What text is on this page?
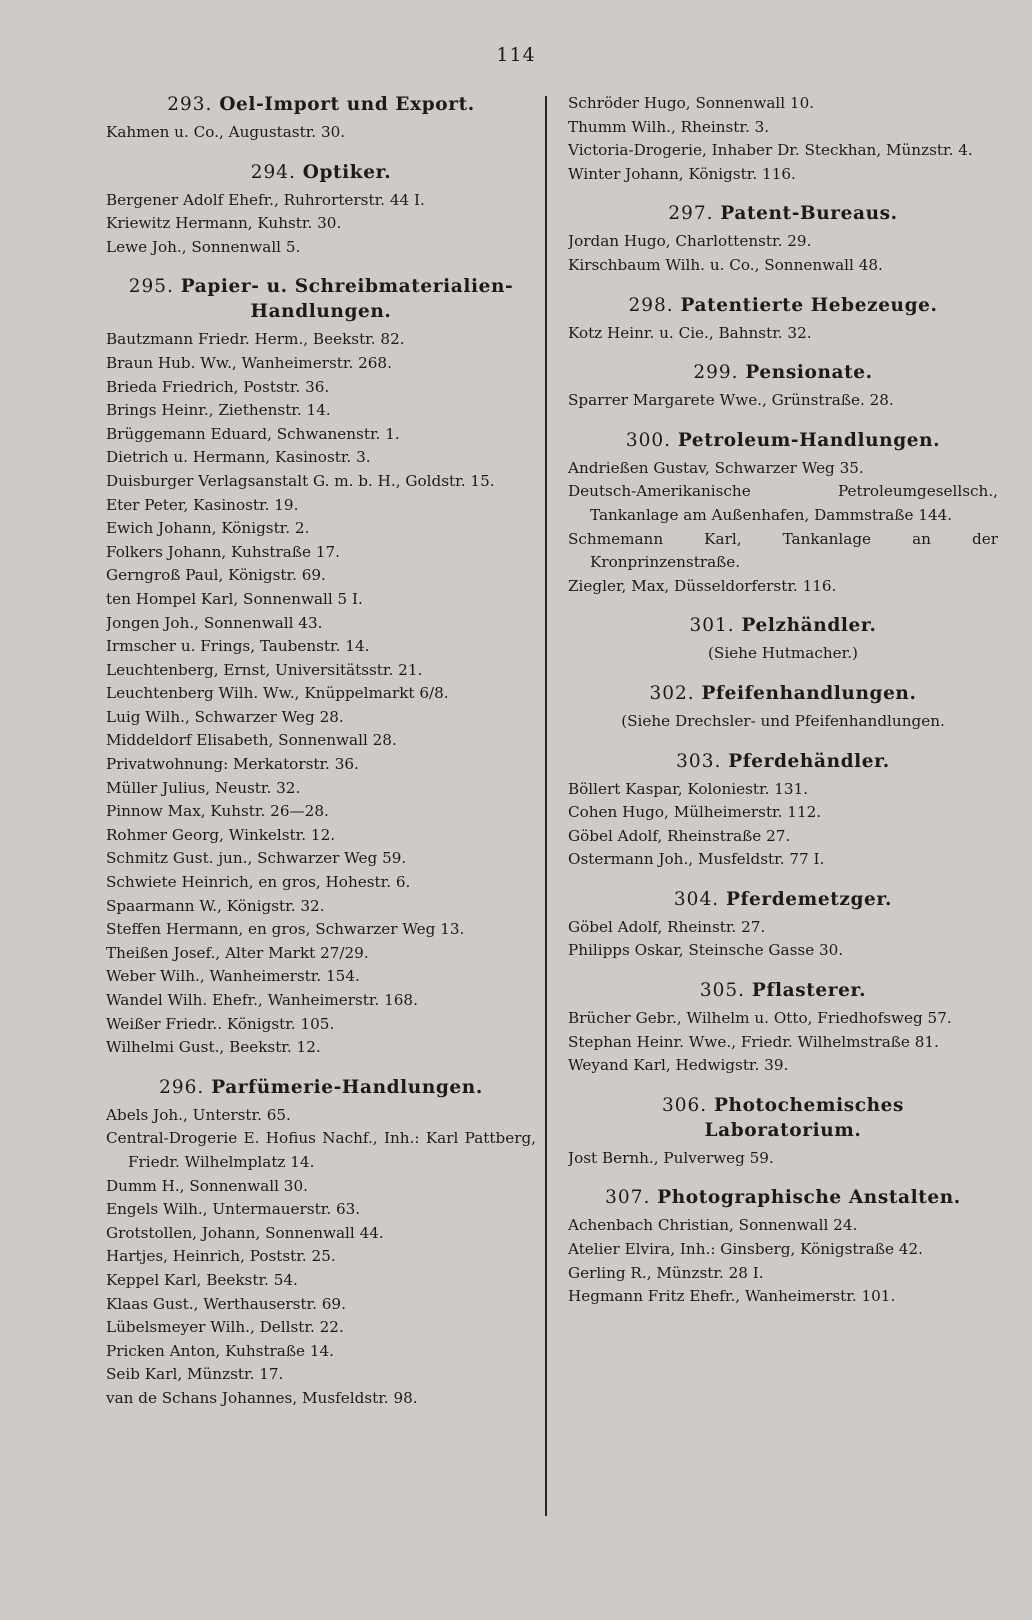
114
293. Oel-Import und Export.
Kahmen u. Co., Augustastr. 30.
294. Optiker.
Bergener Adolf Ehefr., Ruhrorterstr. 44 I.
Kriewitz Hermann, Kuhstr. 30.
Lewe Joh., Sonnenwall 5.
295. Papier- u. Schreibmaterialien-
Handlungen.
Bautzmann Friedr. Herm., Beekstr. 82.
Braun Hub. Ww., Wanheimerstr. 268.
Brieda Friedrich, Poststr. 36.
Brings Heinr., Ziethenstr. 14.
Brüggemann Eduard, Schwanenstr. 1.
Dietrich u. Hermann, Kasinostr. 3.
Duisburger Verlagsanstalt G. m. b. H., Goldstr. 15.
Eter Peter, Kasinostr. 19.
Ewich Johann, Königstr. 2.
Folkers Johann, Kuhstraße 17.
Gerngroß Paul, Königstr. 69.
ten Hompel Karl, Sonnenwall 5 I.
Jongen Joh., Sonnenwall 43.
Irmscher u. Frings, Taubenstr. 14.
Leuchtenberg, Ernst, Universitätsstr. 21.
Leuchtenberg Wilh. Ww., Knüppelmarkt 6/8.
Luig Wilh., Schwarzer Weg 28.
Middeldorf Elisabeth, Sonnenwall 28.
Privatwohnung: Merkatorstr. 36.
Müller Julius, Neustr. 32.
Pinnow Max, Kuhstr. 26—28.
Rohmer Georg, Winkelstr. 12.
Schmitz Gust. jun., Schwarzer Weg 59.
Schwiete Heinrich, en gros, Hohestr. 6.
Spaarmann W., Königstr. 32.
Steffen Hermann, en gros, Schwarzer Weg 13.
Theißen Josef., Alter Markt 27/29.
Weber Wilh., Wanheimerstr. 154.
Wandel Wilh. Ehefr., Wanheimerstr. 168.
Weißer Friedr.. Königstr. 105.
Wilhelmi Gust., Beekstr. 12.
296. Parfümerie-Handlungen.
Abels Joh., Unterstr. 65.
Central-Drogerie E. Hofius Nachf., Inh.: Karl Pattberg, Friedr. Wilhelmplatz 14.
Dumm H., Sonnenwall 30.
Engels Wilh., Untermauerstr. 63.
Grotstollen, Johann, Sonnenwall 44.
Hartjes, Heinrich, Poststr. 25.
Keppel Karl, Beekstr. 54.
Klaas Gust., Werthauserstr. 69.
Lübelsmeyer Wilh., Dellstr. 22.
Pricken Anton, Kuhstraße 14.
Seib Karl, Münzstr. 17.
van de Schans Johannes, Musfeldstr. 98.
Schröder Hugo, Sonnenwall 10.
Thumm Wilh., Rheinstr. 3.
Victoria-Drogerie, Inhaber Dr. Steckhan, Münzstr. 4.
Winter Johann, Königstr. 116.
297. Patent-Bureaus.
Jordan Hugo, Charlottenstr. 29.
Kirschbaum Wilh. u. Co., Sonnenwall 48.
298. Patentierte Hebezeuge.
Kotz Heinr. u. Cie., Bahnstr. 32.
299. Pensionate.
Sparrer Margarete Wwe., Grünstraße. 28.
300. Petroleum-Handlungen.
Andrießen Gustav, Schwarzer Weg 35.
Deutsch-Amerikanische Petroleumgesellsch., Tankanlage am Außenhafen, Dammstraße 144.
Schmemann Karl, Tankanlage an der Kronprinzenstraße.
Ziegler, Max, Düsseldorferstr. 116.
301. Pelzhändler.
(Siehe Hutmacher.)
302. Pfeifenhandlungen.
(Siehe Drechsler- und Pfeifenhandlungen.
303. Pferdehändler.
Böllert Kaspar, Koloniestr. 131.
Cohen Hugo, Mülheimerstr. 112.
Göbel Adolf, Rheinstraße 27.
Ostermann Joh., Musfeldstr. 77 I.
304. Pferdemetzger.
Göbel Adolf, Rheinstr. 27.
Philipps Oskar, Steinsche Gasse 30.
305. Pflasterer.
Brücher Gebr., Wilhelm u. Otto, Friedhofsweg 57.
Stephan Heinr. Wwe., Friedr. Wilhelmstraße 81.
Weyand Karl, Hedwigstr. 39.
306. Photochemisches
Laboratorium.
Jost Bernh., Pulverweg 59.
307. Photographische Anstalten.
Achenbach Christian, Sonnenwall 24.
Atelier Elvira, Inh.: Ginsberg, Königstraße 42.
Gerling R., Münzstr. 28 I.
Hegmann Fritz Ehefr., Wanheimerstr. 101.
